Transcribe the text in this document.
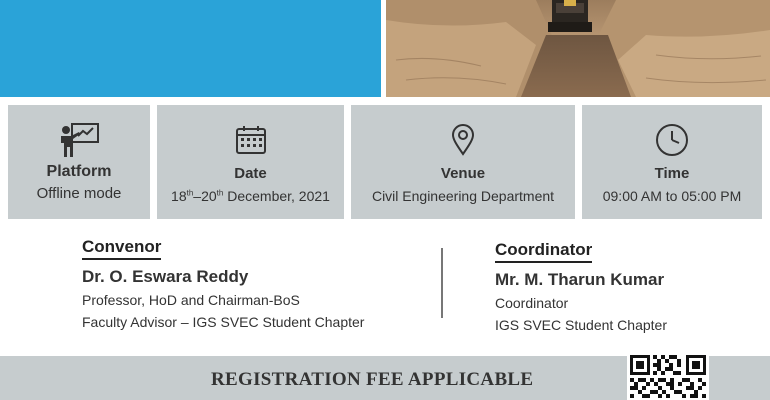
Platform
Offline mode
Date
18th–20th December, 2021
Venue
Civil Engineering Department
Time
09:00 AM to 05:00 PM
Convenor
Dr. O. Eswara Reddy
Professor, HoD and Chairman-BoS
Faculty Advisor – IGS SVEC Student Chapter
Coordinator
Mr. M. Tharun Kumar
Coordinator
IGS SVEC Student Chapter
REGISTRATION FEE APPLICABLE
